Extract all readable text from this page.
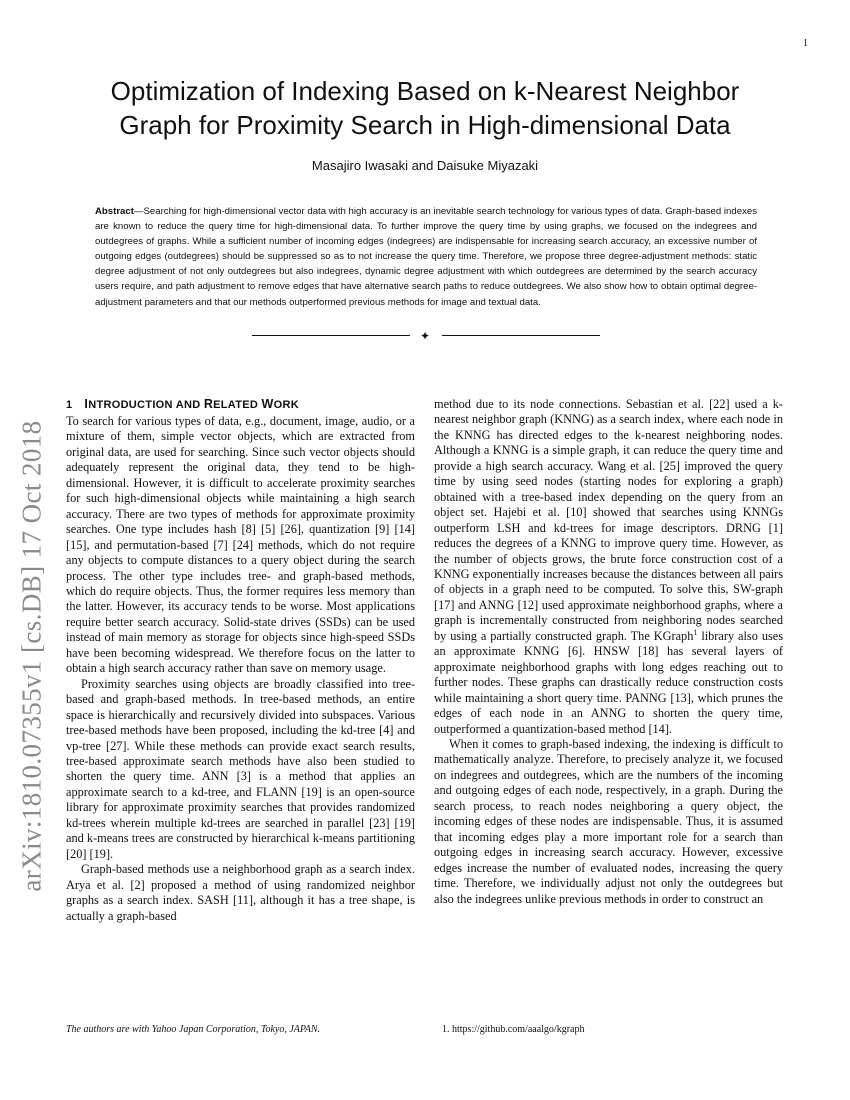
1
arXiv:1810.07355v1 [cs.DB] 17 Oct 2018
Optimization of Indexing Based on k-Nearest Neighbor
Graph for Proximity Search in High-dimensional Data
Masajiro Iwasaki and Daisuke Miyazaki

Abstract—Searching for high-dimensional vector data with high accuracy is an inevitable search technology for various types of data. Graph-based indexes are known to reduce the query time for high-dimensional data. To further improve the query time by using graphs, we focused on the indegrees and outdegrees of graphs. While a sufficient number of incoming edges (indegrees) are indispensable for increasing search accuracy, an excessive number of outgoing edges (outdegrees) should be suppressed so as to not increase the query time. Therefore, we propose three degree-adjustment methods: static degree adjustment of not only outdegrees but also indegrees, dynamic degree adjustment with which outdegrees are determined by the search accuracy users require, and path adjustment to remove edges that have alternative search paths to reduce outdegrees. We also show how to obtain optimal degree-adjustment parameters and that our methods outperformed previous methods for image and textual data.

✦
1 INTRODUCTION AND RELATED WORK

To search for various types of data, e.g., document, image, audio, or a mixture of them, simple vector objects, which are extracted from original data, are used for searching. Since such vector objects should adequately represent the original data, they tend to be high-dimensional. However, it is difficult to accelerate proximity searches for such high-dimensional objects while maintaining a high search accuracy. There are two types of methods for approximate proximity searches. One type includes hash [8] [5] [26], quantization [9] [14] [15], and permutation-based [7] [24] methods, which do not require any objects to compute distances to a query object during the search process. The other type includes tree- and graph-based methods, which do require objects. Thus, the former requires less memory than the latter. However, its accuracy tends to be worse. Most applications require better search accuracy. Solid-state drives (SSDs) can be used instead of main memory as storage for objects since high-speed SSDs have been becoming widespread. We therefore focus on the latter to obtain a high search accuracy rather than save on memory usage.

Proximity searches using objects are broadly classified into tree-based and graph-based methods. In tree-based methods, an entire space is hierarchically and recursively divided into subspaces. Various tree-based methods have been proposed, including the kd-tree [4] and vp-tree [27]. While these methods can provide exact search results, tree-based approximate search methods have also been studied to shorten the query time. ANN [3] is a method that applies an approximate search to a kd-tree, and FLANN [19] is an open-source library for approximate proximity searches that provides randomized kd-trees wherein multiple kd-trees are searched in parallel [23] [19] and k-means trees are constructed by hierarchical k-means partitioning [20] [19].

Graph-based methods use a neighborhood graph as a search index. Arya et al. [2] proposed a method of using randomized neighbor graphs as a search index. SASH [11], although it has a tree shape, is actually a graph-based

method due to its node connections. Sebastian et al. [22] used a k-nearest neighbor graph (KNNG) as a search index, where each node in the KNNG has directed edges to the k-nearest neighboring nodes. Although a KNNG is a simple graph, it can reduce the query time and provide a high search accuracy. Wang et al. [25] improved the query time by using seed nodes (starting nodes for exploring a graph) obtained with a tree-based index depending on the query from an object set. Hajebi et al. [10] showed that searches using KNNGs outperform LSH and kd-trees for image descriptors. DRNG [1] reduces the degrees of a KNNG to improve query time. However, as the number of objects grows, the brute force construction cost of a KNNG exponentially increases because the distances between all pairs of objects in a graph need to be computed. To solve this, SW-graph [17] and ANNG [12] used approximate neighborhood graphs, where a graph is incrementally constructed from neighboring nodes searched by using a partially constructed graph. The KGraph$^1$ library also uses an approximate KNNG [6]. HNSW [18] has several layers of approximate neighborhood graphs with long edges reaching out to further nodes. These graphs can drastically reduce construction costs while maintaining a short query time. PANNG [13], which prunes the edges of each node in an ANNG to shorten the query time, outperformed a quantization-based method [14].

When it comes to graph-based indexing, the indexing is difficult to mathematically analyze. Therefore, to precisely analyze it, we focused on indegrees and outdegrees, which are the numbers of the incoming and outgoing edges of each node, respectively, in a graph. During the search process, to reach nodes neighboring a query object, the incoming edges of these nodes are indispensable. Thus, it is assumed that incoming edges play a more important role for a search than outgoing edges in increasing search accuracy. However, excessive edges increase the number of evaluated nodes, increasing the query time. Therefore, we individually adjust not only the outdegrees but also the indegrees unlike previous methods in order to construct an

The authors are with Yahoo Japan Corporation, Tokyo, JAPAN.	1. https://github.com/aaalgo/kgraph
